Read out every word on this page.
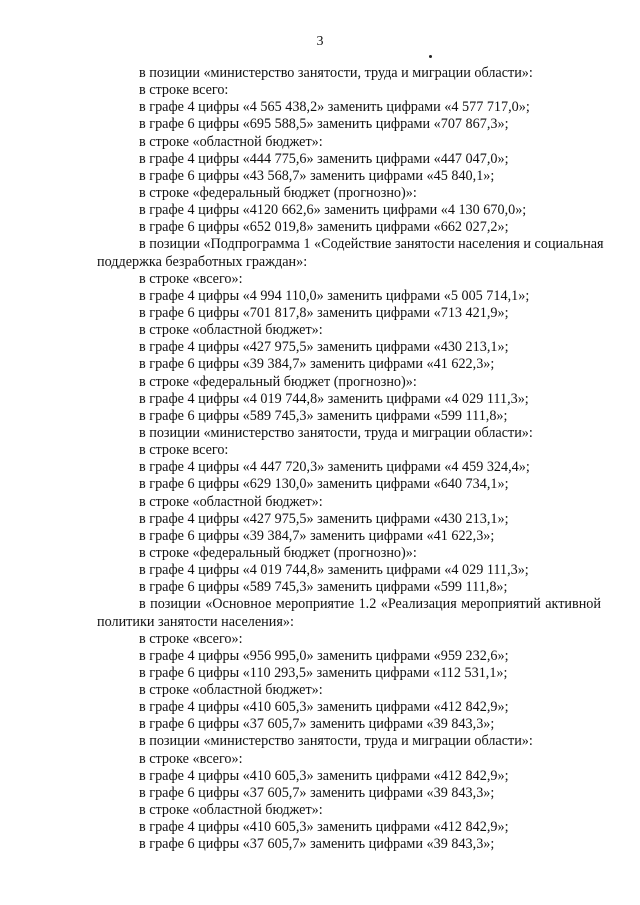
3
в позиции «министерство занятости, труда и миграции области»:
в строке всего:
в графе 4 цифры «4 565 438,2» заменить цифрами «4 577 717,0»;
в графе 6 цифры «695 588,5» заменить цифрами «707 867,3»;
в строке «областной бюджет»:
в графе 4 цифры «444 775,6» заменить цифрами «447 047,0»;
в графе 6 цифры «43 568,7» заменить цифрами «45 840,1»;
в строке «федеральный бюджет (прогнозно)»:
в графе 4 цифры «4120 662,6» заменить цифрами «4 130 670,0»;
в графе 6 цифры «652 019,8» заменить цифрами «662 027,2»;
в позиции «Подпрограмма 1 «Содействие занятости населения и социальная
поддержка безработных граждан»:
в строке «всего»:
в графе 4 цифры «4 994 110,0» заменить цифрами «5 005 714,1»;
в графе 6 цифры «701 817,8» заменить цифрами «713 421,9»;
в строке «областной бюджет»:
в графе 4 цифры «427 975,5» заменить цифрами «430 213,1»;
в графе 6 цифры «39 384,7» заменить цифрами «41 622,3»;
в строке «федеральный бюджет (прогнозно)»:
в графе 4 цифры «4 019 744,8» заменить цифрами «4 029 111,3»;
в графе 6 цифры «589 745,3» заменить цифрами «599 111,8»;
в позиции «министерство занятости, труда и миграции области»:
в строке всего:
в графе 4 цифры «4 447 720,3» заменить цифрами «4 459 324,4»;
в графе 6 цифры «629 130,0» заменить цифрами «640 734,1»;
в строке «областной бюджет»:
в графе 4 цифры «427 975,5» заменить цифрами «430 213,1»;
в графе 6 цифры «39 384,7» заменить цифрами «41 622,3»;
в строке «федеральный бюджет (прогнозно)»:
в графе 4 цифры «4 019 744,8» заменить цифрами «4 029 111,3»;
в графе 6 цифры «589 745,3» заменить цифрами «599 111,8»;
в позиции «Основное мероприятие 1.2 «Реализация мероприятий активной
политики занятости населения»:
в строке «всего»:
в графе 4 цифры «956 995,0» заменить цифрами «959 232,6»;
в графе 6 цифры «110 293,5» заменить цифрами «112 531,1»;
в строке «областной бюджет»:
в графе 4 цифры «410 605,3» заменить цифрами «412 842,9»;
в графе 6 цифры «37 605,7» заменить цифрами «39 843,3»;
в позиции «министерство занятости, труда и миграции области»:
в строке «всего»:
в графе 4 цифры «410 605,3» заменить цифрами «412 842,9»;
в графе 6 цифры «37 605,7» заменить цифрами «39 843,3»;
в строке «областной бюджет»:
в графе 4 цифры «410 605,3» заменить цифрами «412 842,9»;
в графе 6 цифры «37 605,7» заменить цифрами «39 843,3»;
